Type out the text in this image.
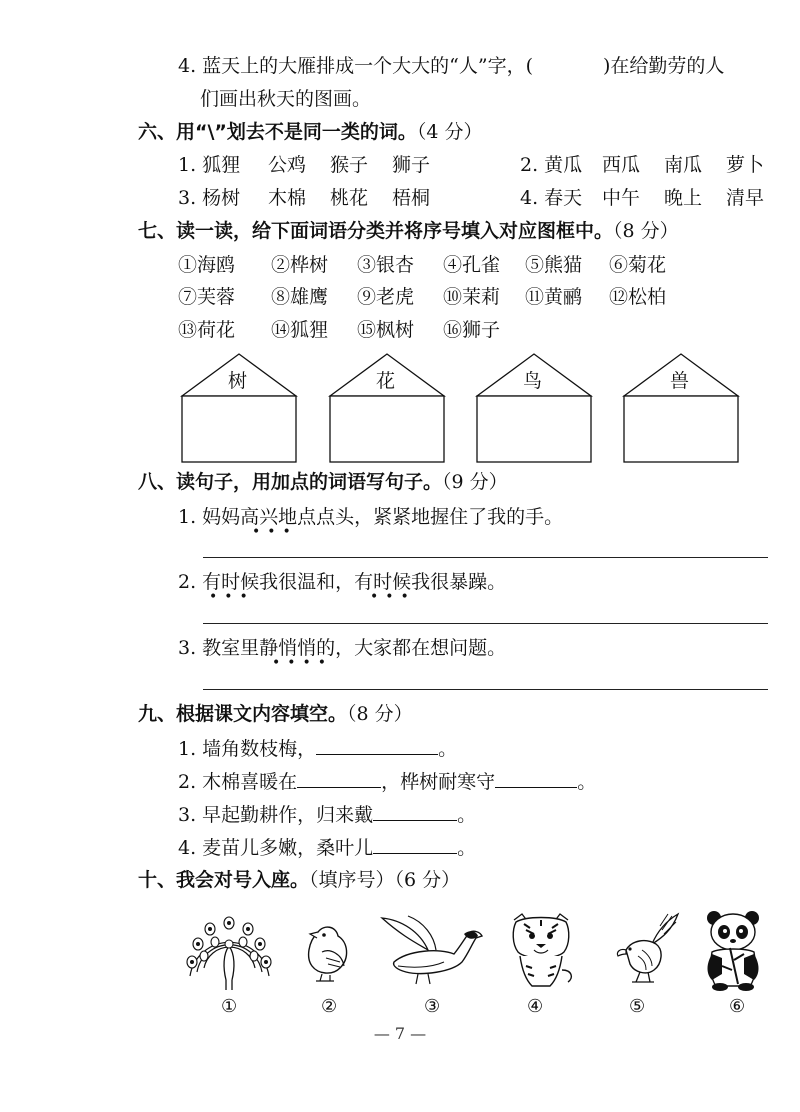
4. 蓝天上的大雁排成一个大大的“人”字，(	)在给勤劳的人
们画出秋天的图画。
六、用“\”划去不是同一类的词。（4 分）
1. 狐狸	公鸡	猴子	狮子	2. 黄瓜	西瓜	南瓜	萝卜
3. 杨树	木棉	桃花	梧桐	4. 春天	中午	晚上	清早
七、读一读，给下面词语分类并将序号填入对应图框中。（8 分）
①海鸥	②桦树	③银杏	④孔雀	⑤熊猫	⑥菊花
⑦芙蓉	⑧雄鹰	⑨老虎	⑩茉莉	⑪黄鹂	⑫松柏
⑬荷花	⑭狐狸	⑮枫树	⑯狮子
树	花	鸟	兽
八、读句子，用加点的词语写句子。（9 分）
1. 妈妈高兴地点点头，紧紧地握住了我的手。
•••
2. 有时候我很温和，有时候我很暴躁。
•••	•••
3. 教室里静悄悄的，大家都在想问题。
••••
九、根据课文内容填空。（8 分）
1. 墙角数枝梅，	。
2. 木棉喜暖在	，桦树耐寒守	。
3. 早起勤耕作，归来戴	。
4. 麦苗儿多嫩，桑叶儿	。
十、我会对号入座。（填序号）（6 分）
①	②	③	④	⑤	⑥
— 7 —
